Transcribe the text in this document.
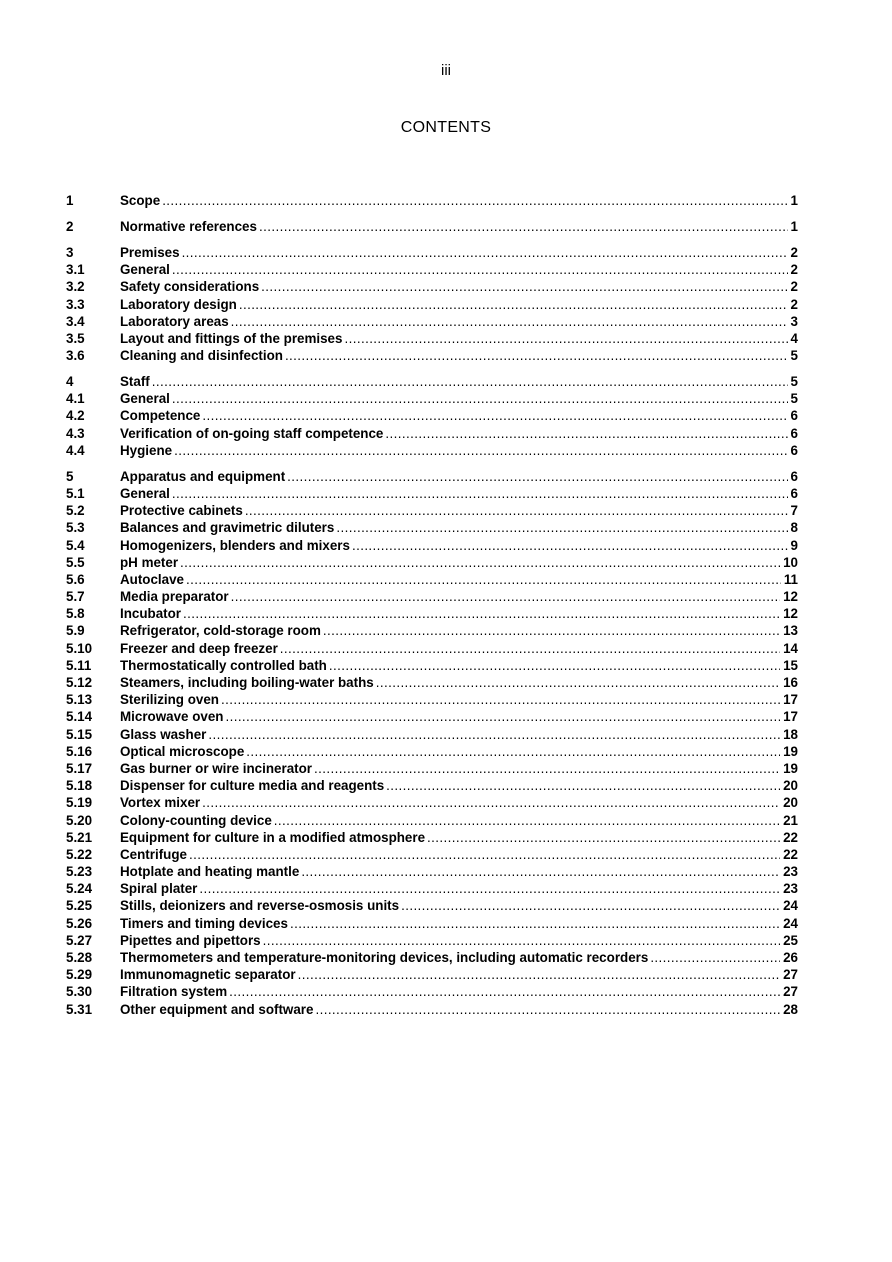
iii
CONTENTS
1	Scope .....	1
2	Normative references .....	1
3	Premises .....	2
3.1	General .....	2
3.2	Safety considerations .....	2
3.3	Laboratory design .....	2
3.4	Laboratory areas .....	3
3.5	Layout and fittings of the premises .....	4
3.6	Cleaning and disinfection .....	5
4	Staff .....	5
4.1	General .....	5
4.2	Competence .....	6
4.3	Verification of on-going staff competence .....	6
4.4	Hygiene .....	6
5	Apparatus and equipment .....	6
5.1	General .....	6
5.2	Protective cabinets .....	7
5.3	Balances and gravimetric diluters .....	8
5.4	Homogenizers, blenders and mixers .....	9
5.5	pH meter .....	10
5.6	Autoclave .....	11
5.7	Media preparator .....	12
5.8	Incubator .....	12
5.9	Refrigerator, cold-storage room .....	13
5.10	Freezer and deep freezer .....	14
5.11	Thermostatically controlled bath .....	15
5.12	Steamers, including boiling-water baths .....	16
5.13	Sterilizing oven .....	17
5.14	Microwave oven .....	17
5.15	Glass washer .....	18
5.16	Optical microscope .....	19
5.17	Gas burner or wire incinerator .....	19
5.18	Dispenser for culture media and reagents .....	20
5.19	Vortex mixer .....	20
5.20	Colony-counting device .....	21
5.21	Equipment for culture in a modified atmosphere .....	22
5.22	Centrifuge .....	22
5.23	Hotplate and heating mantle .....	23
5.24	Spiral plater .....	23
5.25	Stills, deionizers and reverse-osmosis units .....	24
5.26	Timers and timing devices .....	24
5.27	Pipettes and pipettors .....	25
5.28	Thermometers and temperature-monitoring devices, including automatic recorders .....	26
5.29	Immunomagnetic separator .....	27
5.30	Filtration system .....	27
5.31	Other equipment and software .....	28
